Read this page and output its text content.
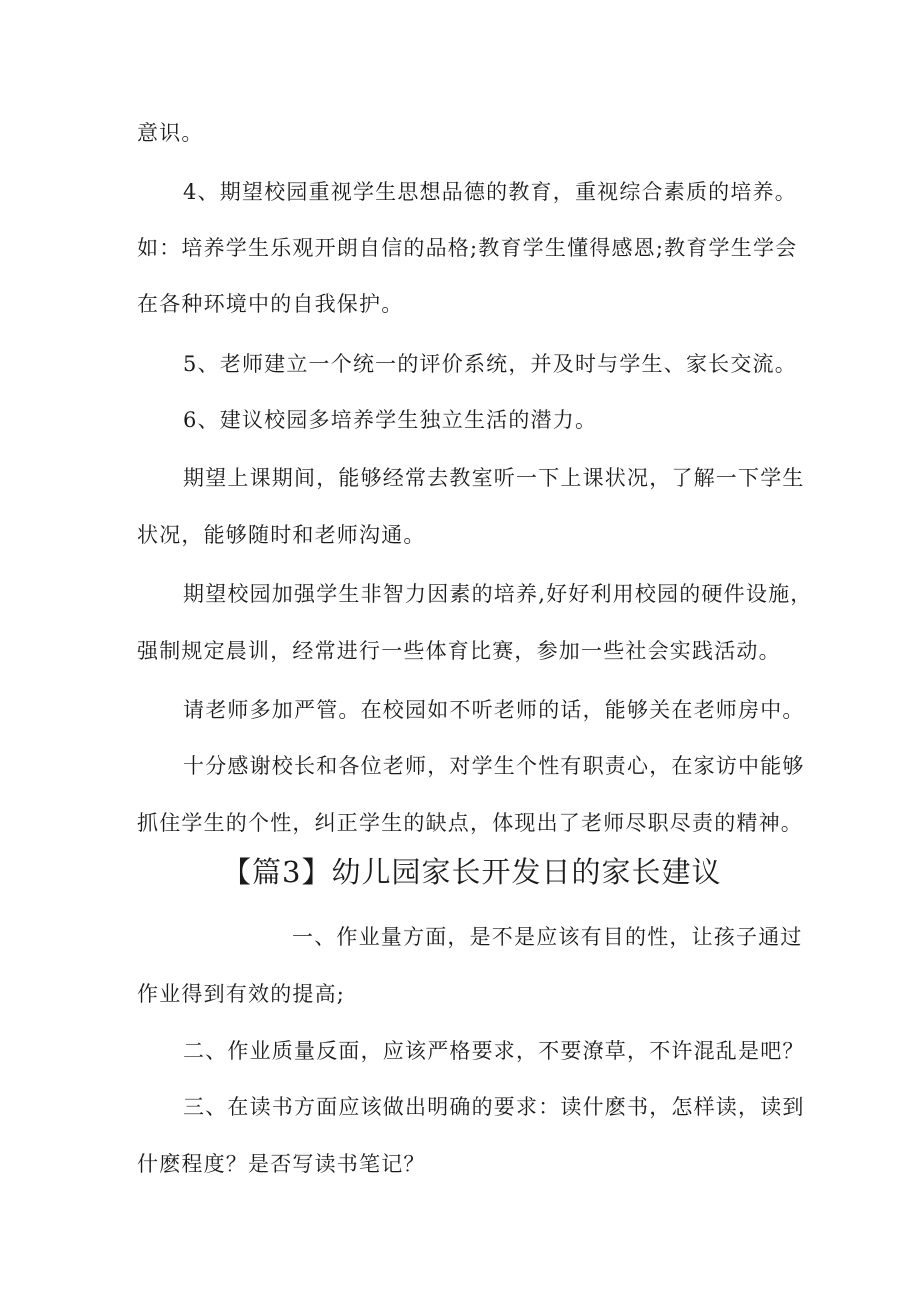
意识。

4、期望校园重视学生思想品德的教育，重视综合素质的培养。

如：培养学生乐观开朗自信的品格;教育学生懂得感恩;教育学生学会

在各种环境中的自我保护。

5、老师建立一个统一的评价系统，并及时与学生、家长交流。

6、建议校园多培养学生独立生活的潜力。

期望上课期间，能够经常去教室听一下上课状况，了解一下学生

状况，能够随时和老师沟通。

期望校园加强学生非智力因素的培养,好好利用校园的硬件设施，

强制规定晨训，经常进行一些体育比赛，参加一些社会实践活动。

请老师多加严管。在校园如不听老师的话，能够关在老师房中。

十分感谢校长和各位老师，对学生个性有职责心，在家访中能够

抓住学生的个性，纠正学生的缺点，体现出了老师尽职尽责的精神。

【篇3】幼儿园家长开发日的家长建议

一、作业量方面，是不是应该有目的性，让孩子通过

作业得到有效的提高;

二、作业质量反面，应该严格要求，不要潦草，不许混乱是吧？

三、在读书方面应该做出明确的要求：读什麽书，怎样读，读到

什麽程度？是否写读书笔记？
